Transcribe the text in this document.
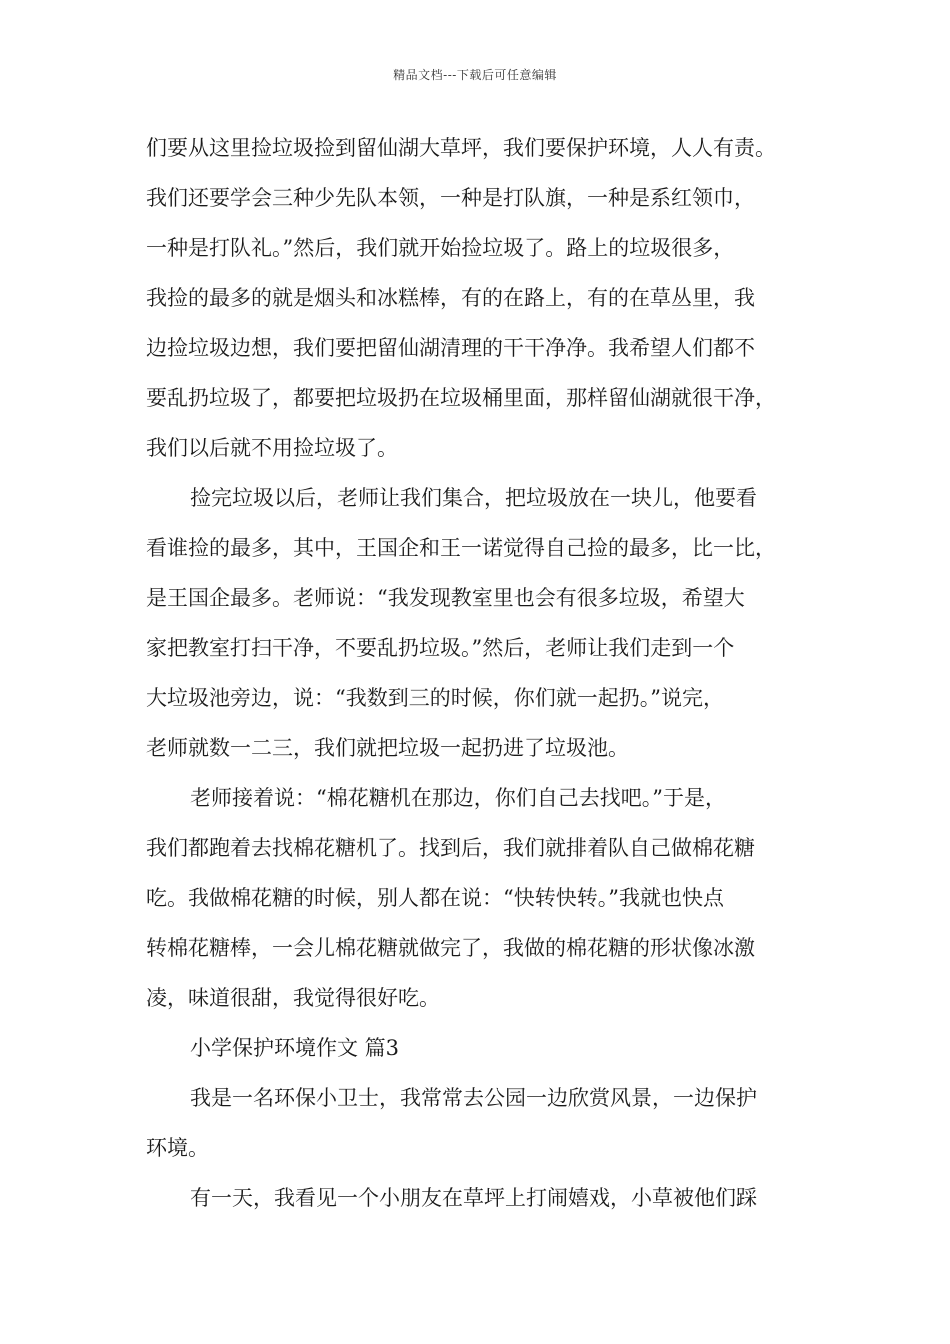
精品文档---下载后可任意编辑
们要从这里捡垃圾捡到留仙湖大草坪，我们要保护环境，人人有责。
我们还要学会三种少先队本领，一种是打队旗，一种是系红领巾，
一种是打队礼。”然后，我们就开始捡垃圾了。路上的垃圾很多，
我捡的最多的就是烟头和冰糕棒，有的在路上，有的在草丛里，我
边捡垃圾边想，我们要把留仙湖清理的干干净净。我希望人们都不
要乱扔垃圾了，都要把垃圾扔在垃圾桶里面，那样留仙湖就很干净，
我们以后就不用捡垃圾了。
捡完垃圾以后，老师让我们集合，把垃圾放在一块儿，他要看
看谁捡的最多，其中，王国企和王一诺觉得自己捡的最多，比一比，
是王国企最多。老师说：“我发现教室里也会有很多垃圾，希望大
家把教室打扫干净，不要乱扔垃圾。”然后，老师让我们走到一个
大垃圾池旁边，说：“我数到三的时候，你们就一起扔。”说完，
老师就数一二三，我们就把垃圾一起扔进了垃圾池。
老师接着说：“棉花糖机在那边，你们自己去找吧。”于是，
我们都跑着去找棉花糖机了。找到后，我们就排着队自己做棉花糖
吃。我做棉花糖的时候，别人都在说：“快转快转。”我就也快点
转棉花糖棒，一会儿棉花糖就做完了，我做的棉花糖的形状像冰激
凌，味道很甜，我觉得很好吃。
小学保护环境作文 篇3
我是一名环保小卫士，我常常去公园一边欣赏风景，一边保护
环境。
有一天，我看见一个小朋友在草坪上打闹嬉戏，小草被他们踩
